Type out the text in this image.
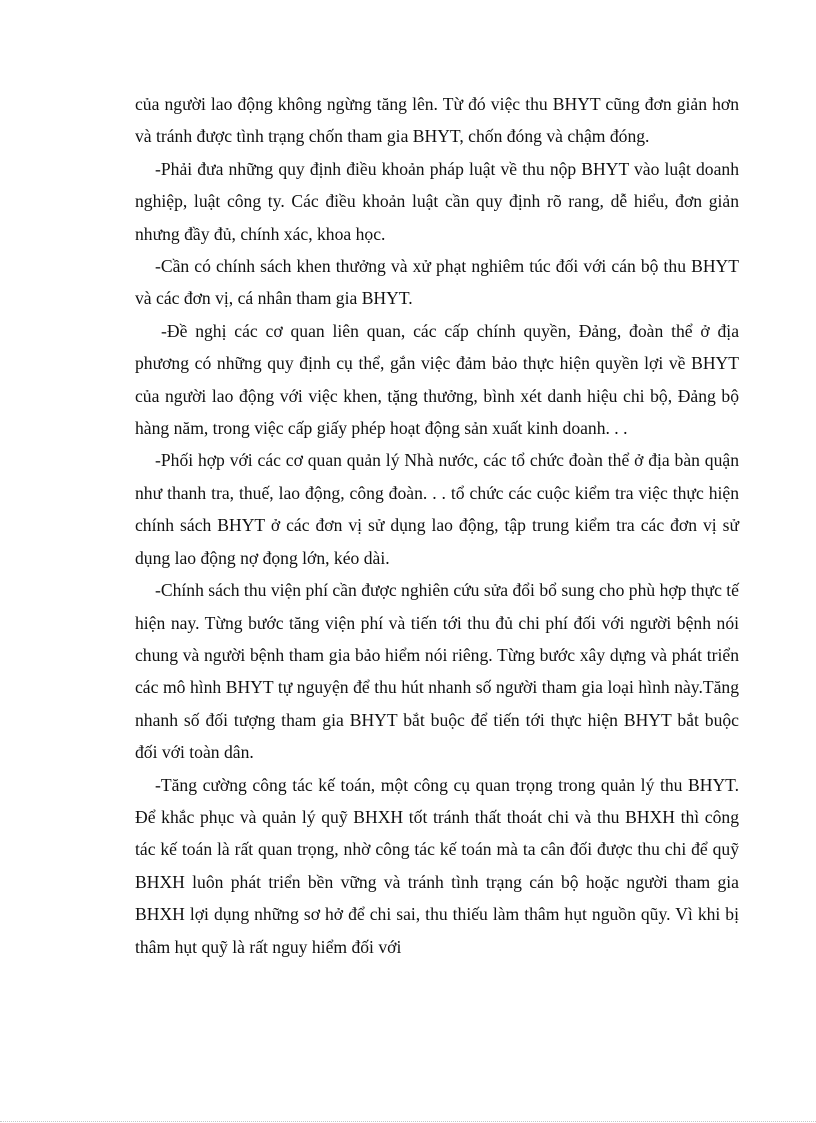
của người lao động không ngừng tăng lên. Từ đó việc thu BHYT cũng đơn giản hơn và tránh được tình trạng chốn tham gia BHYT, chốn đóng và chậm đóng.

-Phải đưa những quy định điều khoản pháp luật về thu nộp BHYT vào luật doanh nghiệp, luật công ty. Các điều khoản luật cần quy định rõ rang, dễ hiểu, đơn giản nhưng đầy đủ, chính xác, khoa học.

-Cần có chính sách khen thưởng và xử phạt nghiêm túc đối với cán bộ thu BHYT và các đơn vị, cá nhân tham gia BHYT.

-Đề nghị các cơ quan liên quan, các cấp chính quyền, Đảng, đoàn thể ở địa phương có những quy định cụ thể, gắn việc đảm bảo thực hiện quyền lợi về BHYT của người lao động với việc khen, tặng thưởng, bình xét danh hiệu chi bộ, Đảng bộ hàng năm, trong việc cấp giấy phép hoạt động sản xuất kinh doanh. . .

-Phối hợp với các cơ quan quản lý Nhà nước, các tổ chức đoàn thể ở địa bàn quận như thanh tra, thuế, lao động, công đoàn. . . tổ chức các cuộc kiểm tra việc thực hiện chính sách BHYT ở các đơn vị sử dụng lao động, tập trung kiểm tra các đơn vị sử dụng lao động nợ đọng lớn, kéo dài.

-Chính sách thu viện phí cần được nghiên cứu sửa đổi bổ sung cho phù hợp thực tế hiện nay. Từng bước tăng viện phí và tiến tới thu đủ chi phí đối với người bệnh nói chung và người bệnh tham gia bảo hiểm nói riêng. Từng bước xây dựng và phát triển các mô hình BHYT tự nguyện để thu hút nhanh số người tham gia loại hình này.Tăng nhanh số đối tượng tham gia BHYT bắt buộc để tiến tới thực hiện BHYT bắt buộc đối với toàn dân.

-Tăng cường công tác kế toán, một công cụ quan trọng trong quản lý thu BHYT. Để khắc phục và quản lý quỹ BHXH tốt tránh thất thoát chi và thu BHXH thì công tác kế toán là rất quan trọng, nhờ công tác kế toán mà ta cân đối được thu chi để quỹ BHXH luôn phát triển bền vững và tránh tình trạng cán bộ hoặc người tham gia BHXH lợi dụng những sơ hở để chi sai, thu thiếu làm thâm hụt nguồn qũy. Vì khi bị thâm hụt quỹ là rất nguy hiểm đối với
